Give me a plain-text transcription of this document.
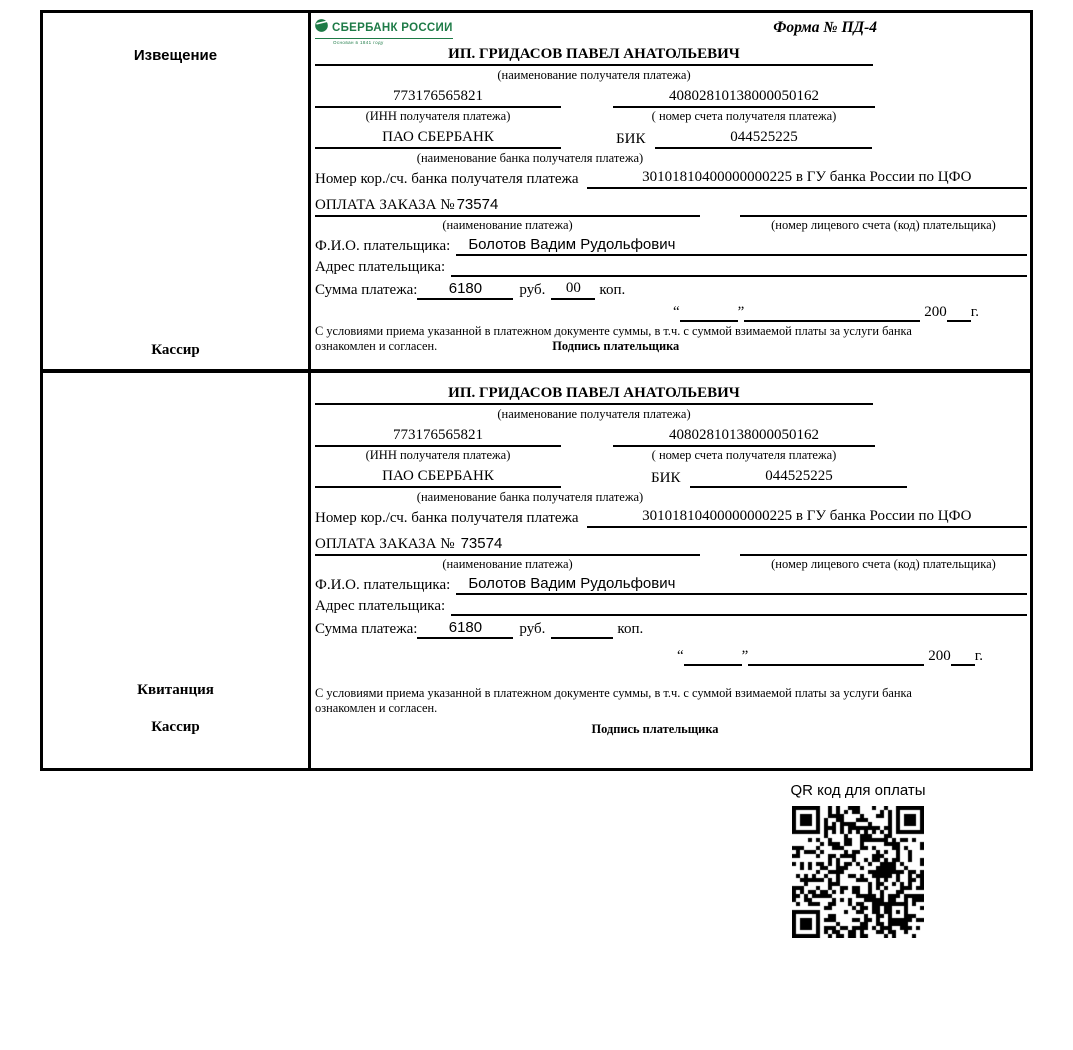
Извещение
Кассир
СБЕРБАНК РОССИИ
Основан в 1841 году
Форма № ПД-4
ИП. ГРИДАСОВ ПАВЕЛ АНАТОЛЬЕВИЧ
(наименование получателя платежа)
773176565821	40802810138000050162
(ИНН получателя платежа)	( номер счета получателя платежа)
ПАО СБЕРБАНК	БИК	044525225
(наименование банка получателя платежа)
Номер кор./сч. банка получателя платежа	30101810400000000225 в ГУ банка России по ЦФО
ОПЛАТА ЗАКАЗА № 73574
(наименование платежа)	(номер лицевого счета (код) плательщика)
Ф.И.О. плательщика:	Болотов Вадим Рудольфович
Адрес плательщика:
Сумма платежа:	6180	руб.	00	коп.
“	”	200 г.
С условиями приема указанной в платежном документе суммы, в т.ч. с суммой взимаемой платы за услуги банка
ознакомлен и согласен.	Подпись плательщика
Квитанция
Кассир
ИП. ГРИДАСОВ ПАВЕЛ АНАТОЛЬЕВИЧ
(наименование получателя платежа)
773176565821	40802810138000050162
(ИНН получателя платежа)	( номер счета получателя платежа)
ПАО СБЕРБАНК	БИК	044525225
(наименование банка получателя платежа)
Номер кор./сч. банка получателя платежа	30101810400000000225 в ГУ банка России по ЦФО
ОПЛАТА ЗАКАЗА № 73574
(наименование платежа)	(номер лицевого счета (код) плательщика)
Ф.И.О. плательщика:	Болотов Вадим Рудольфович
Адрес плательщика:
Сумма платежа:	6180	руб.	коп.
“	”	200 г.
С условиями приема указанной в платежном документе суммы, в т.ч. с суммой взимаемой платы за услуги банка
ознакомлен и согласен.
Подпись плательщика
QR код для оплаты
